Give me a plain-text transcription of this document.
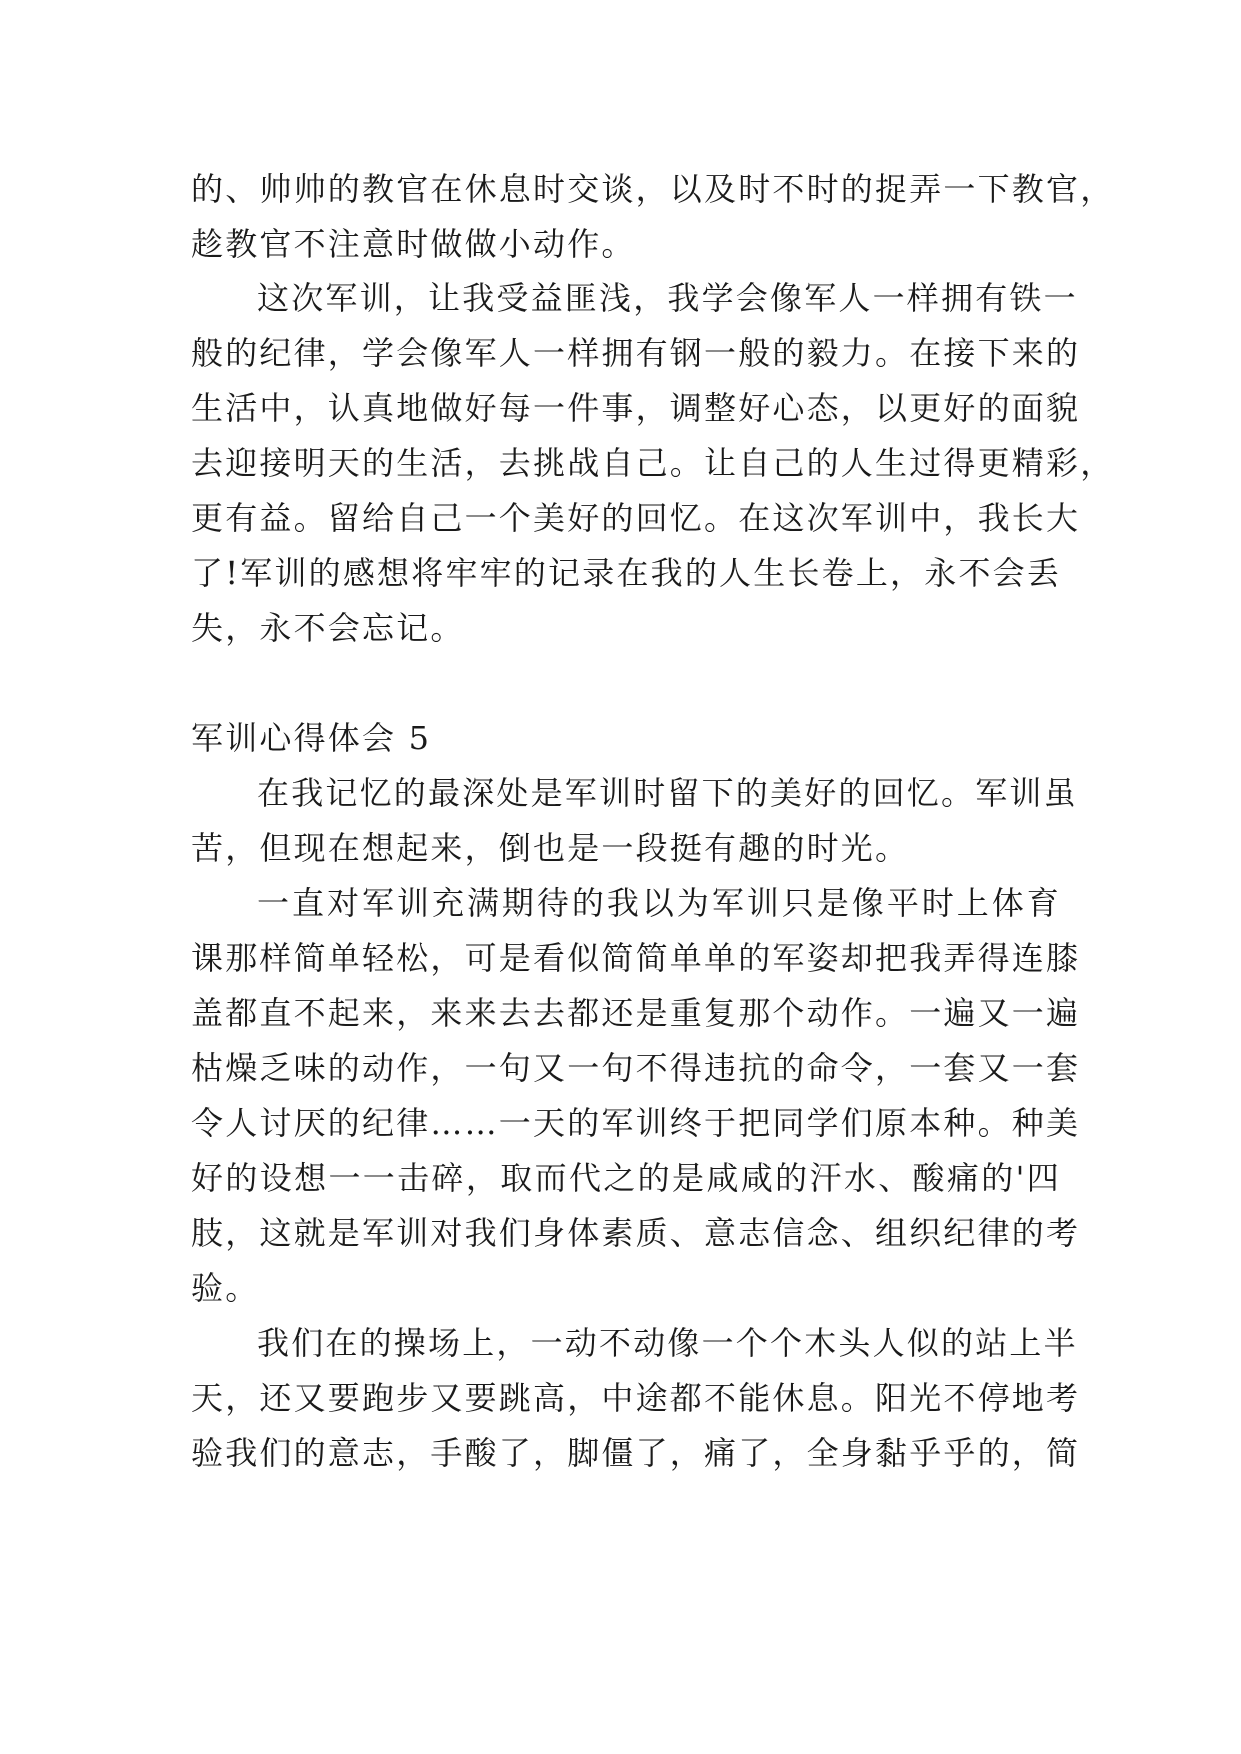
的、帅帅的教官在休息时交谈，以及时不时的捉弄一下教官，
趁教官不注意时做做小动作。
这次军训，让我受益匪浅，我学会像军人一样拥有铁一
般的纪律，学会像军人一样拥有钢一般的毅力。在接下来的
生活中，认真地做好每一件事，调整好心态，以更好的面貌
去迎接明天的生活，去挑战自己。让自己的人生过得更精彩，
更有益。留给自己一个美好的回忆。在这次军训中，我长大
了!军训的感想将牢牢的记录在我的人生长卷上，永不会丢
失，永不会忘记。
军训心得体会 5
在我记忆的最深处是军训时留下的美好的回忆。军训虽
苦，但现在想起来，倒也是一段挺有趣的时光。
一直对军训充满期待的我以为军训只是像平时上体育
课那样简单轻松，可是看似简简单单的军姿却把我弄得连膝
盖都直不起来，来来去去都还是重复那个动作。一遍又一遍
枯燥乏味的动作，一句又一句不得违抗的命令，一套又一套
令人讨厌的纪律……一天的军训终于把同学们原本种。种美
好的设想一一击碎，取而代之的是咸咸的汗水、酸痛的'四
肢，这就是军训对我们身体素质、意志信念、组织纪律的考
验。
我们在的操场上，一动不动像一个个木头人似的站上半
天，还又要跑步又要跳高，中途都不能休息。阳光不停地考
验我们的意志，手酸了，脚僵了，痛了，全身黏乎乎的，简
